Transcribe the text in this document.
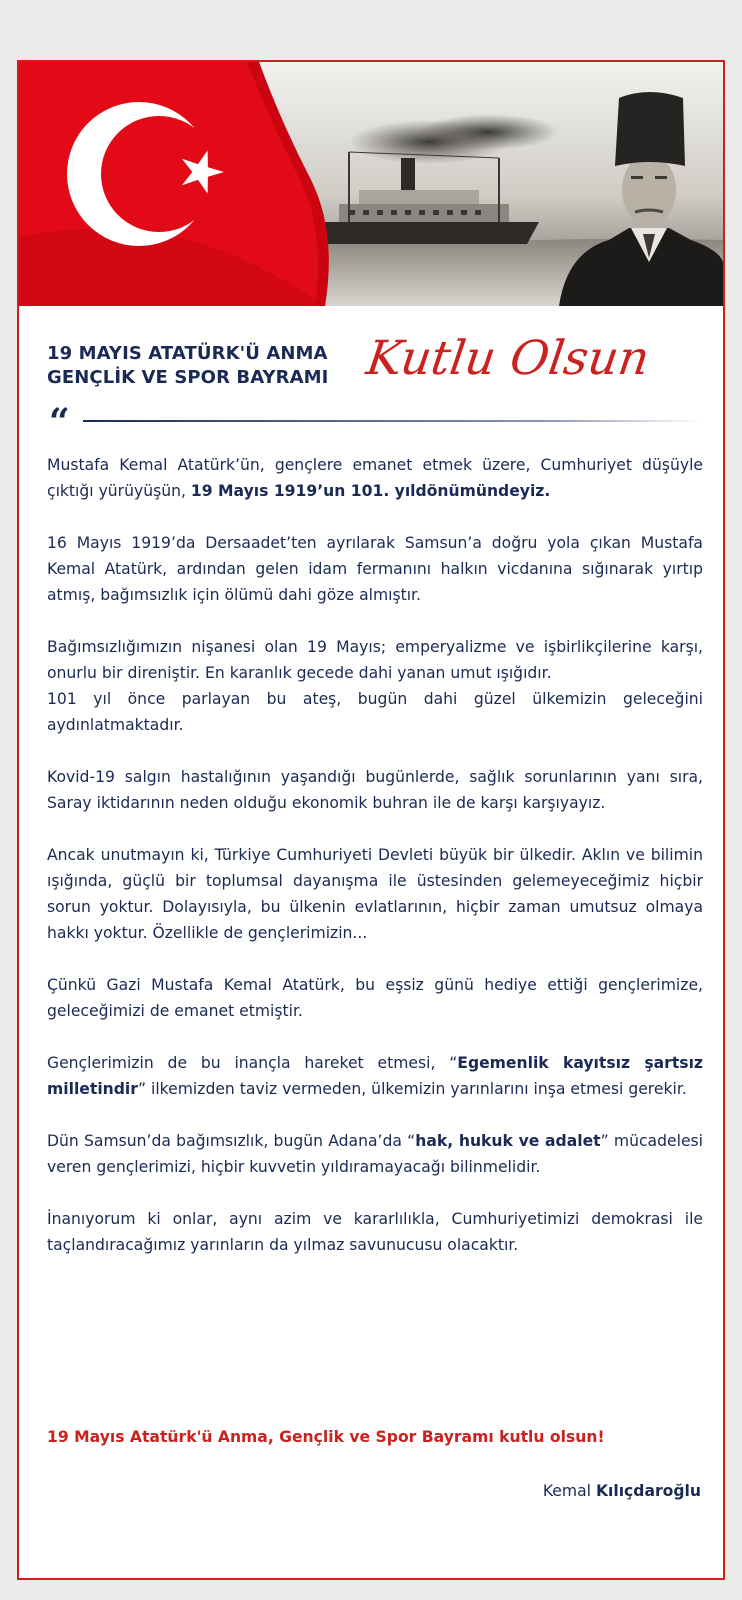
19 MAYIS ATATÜRK'Ü ANMA
GENÇLİK VE SPOR BAYRAMI Kutlu Olsun
“

Mustafa Kemal Atatürk’ün, gençlere emanet etmek üzere, Cumhuriyet düşüyle çıktığı yürüyüşün, 19 Mayıs 1919’un 101. yıldönümündeyiz.

16 Mayıs 1919’da Dersaadet’ten ayrılarak Samsun’a doğru yola çıkan Mustafa Kemal Atatürk, ardından gelen idam fermanını halkın vicdanına sığınarak yırtıp atmış, bağımsızlık için ölümü dahi göze almıştır.

Bağımsızlığımızın nişanesi olan 19 Mayıs; emperyalizme ve işbirlikçilerine karşı, onurlu bir direniştir. En karanlık gecede dahi yanan umut ışığıdır.
101 yıl önce parlayan bu ateş, bugün dahi güzel ülkemizin geleceğini aydınlatmaktadır.

Kovid-19 salgın hastalığının yaşandığı bugünlerde, sağlık sorunlarının yanı sıra, Saray iktidarının neden olduğu ekonomik buhran ile de karşı karşıyayız.

Ancak unutmayın ki, Türkiye Cumhuriyeti Devleti büyük bir ülkedir. Aklın ve bilimin ışığında, güçlü bir toplumsal dayanışma ile üstesinden gelemeyeceğimiz hiçbir sorun yoktur. Dolayısıyla, bu ülkenin evlatlarının, hiçbir zaman umutsuz olmaya hakkı yoktur. Özellikle de gençlerimizin...

Çünkü Gazi Mustafa Kemal Atatürk, bu eşsiz günü hediye ettiği gençlerimize, geleceğimizi de emanet etmiştir.

Gençlerimizin de bu inançla hareket etmesi, “Egemenlik kayıtsız şartsız milletindir” ilkemizden taviz vermeden, ülkemizin yarınlarını inşa etmesi gerekir.

Dün Samsun’da bağımsızlık, bugün Adana’da “hak, hukuk ve adalet” mücadelesi veren gençlerimizi, hiçbir kuvvetin yıldıramayacağı bilinmelidir.

İnanıyorum ki onlar, aynı azim ve kararlılıkla, Cumhuriyetimizi demokrasi ile taçlandıracağımız yarınların da yılmaz savunucusu olacaktır.

19 Mayıs Atatürk'ü Anma, Gençlik ve Spor Bayramı kutlu olsun!
Kemal Kılıçdaroğlu
